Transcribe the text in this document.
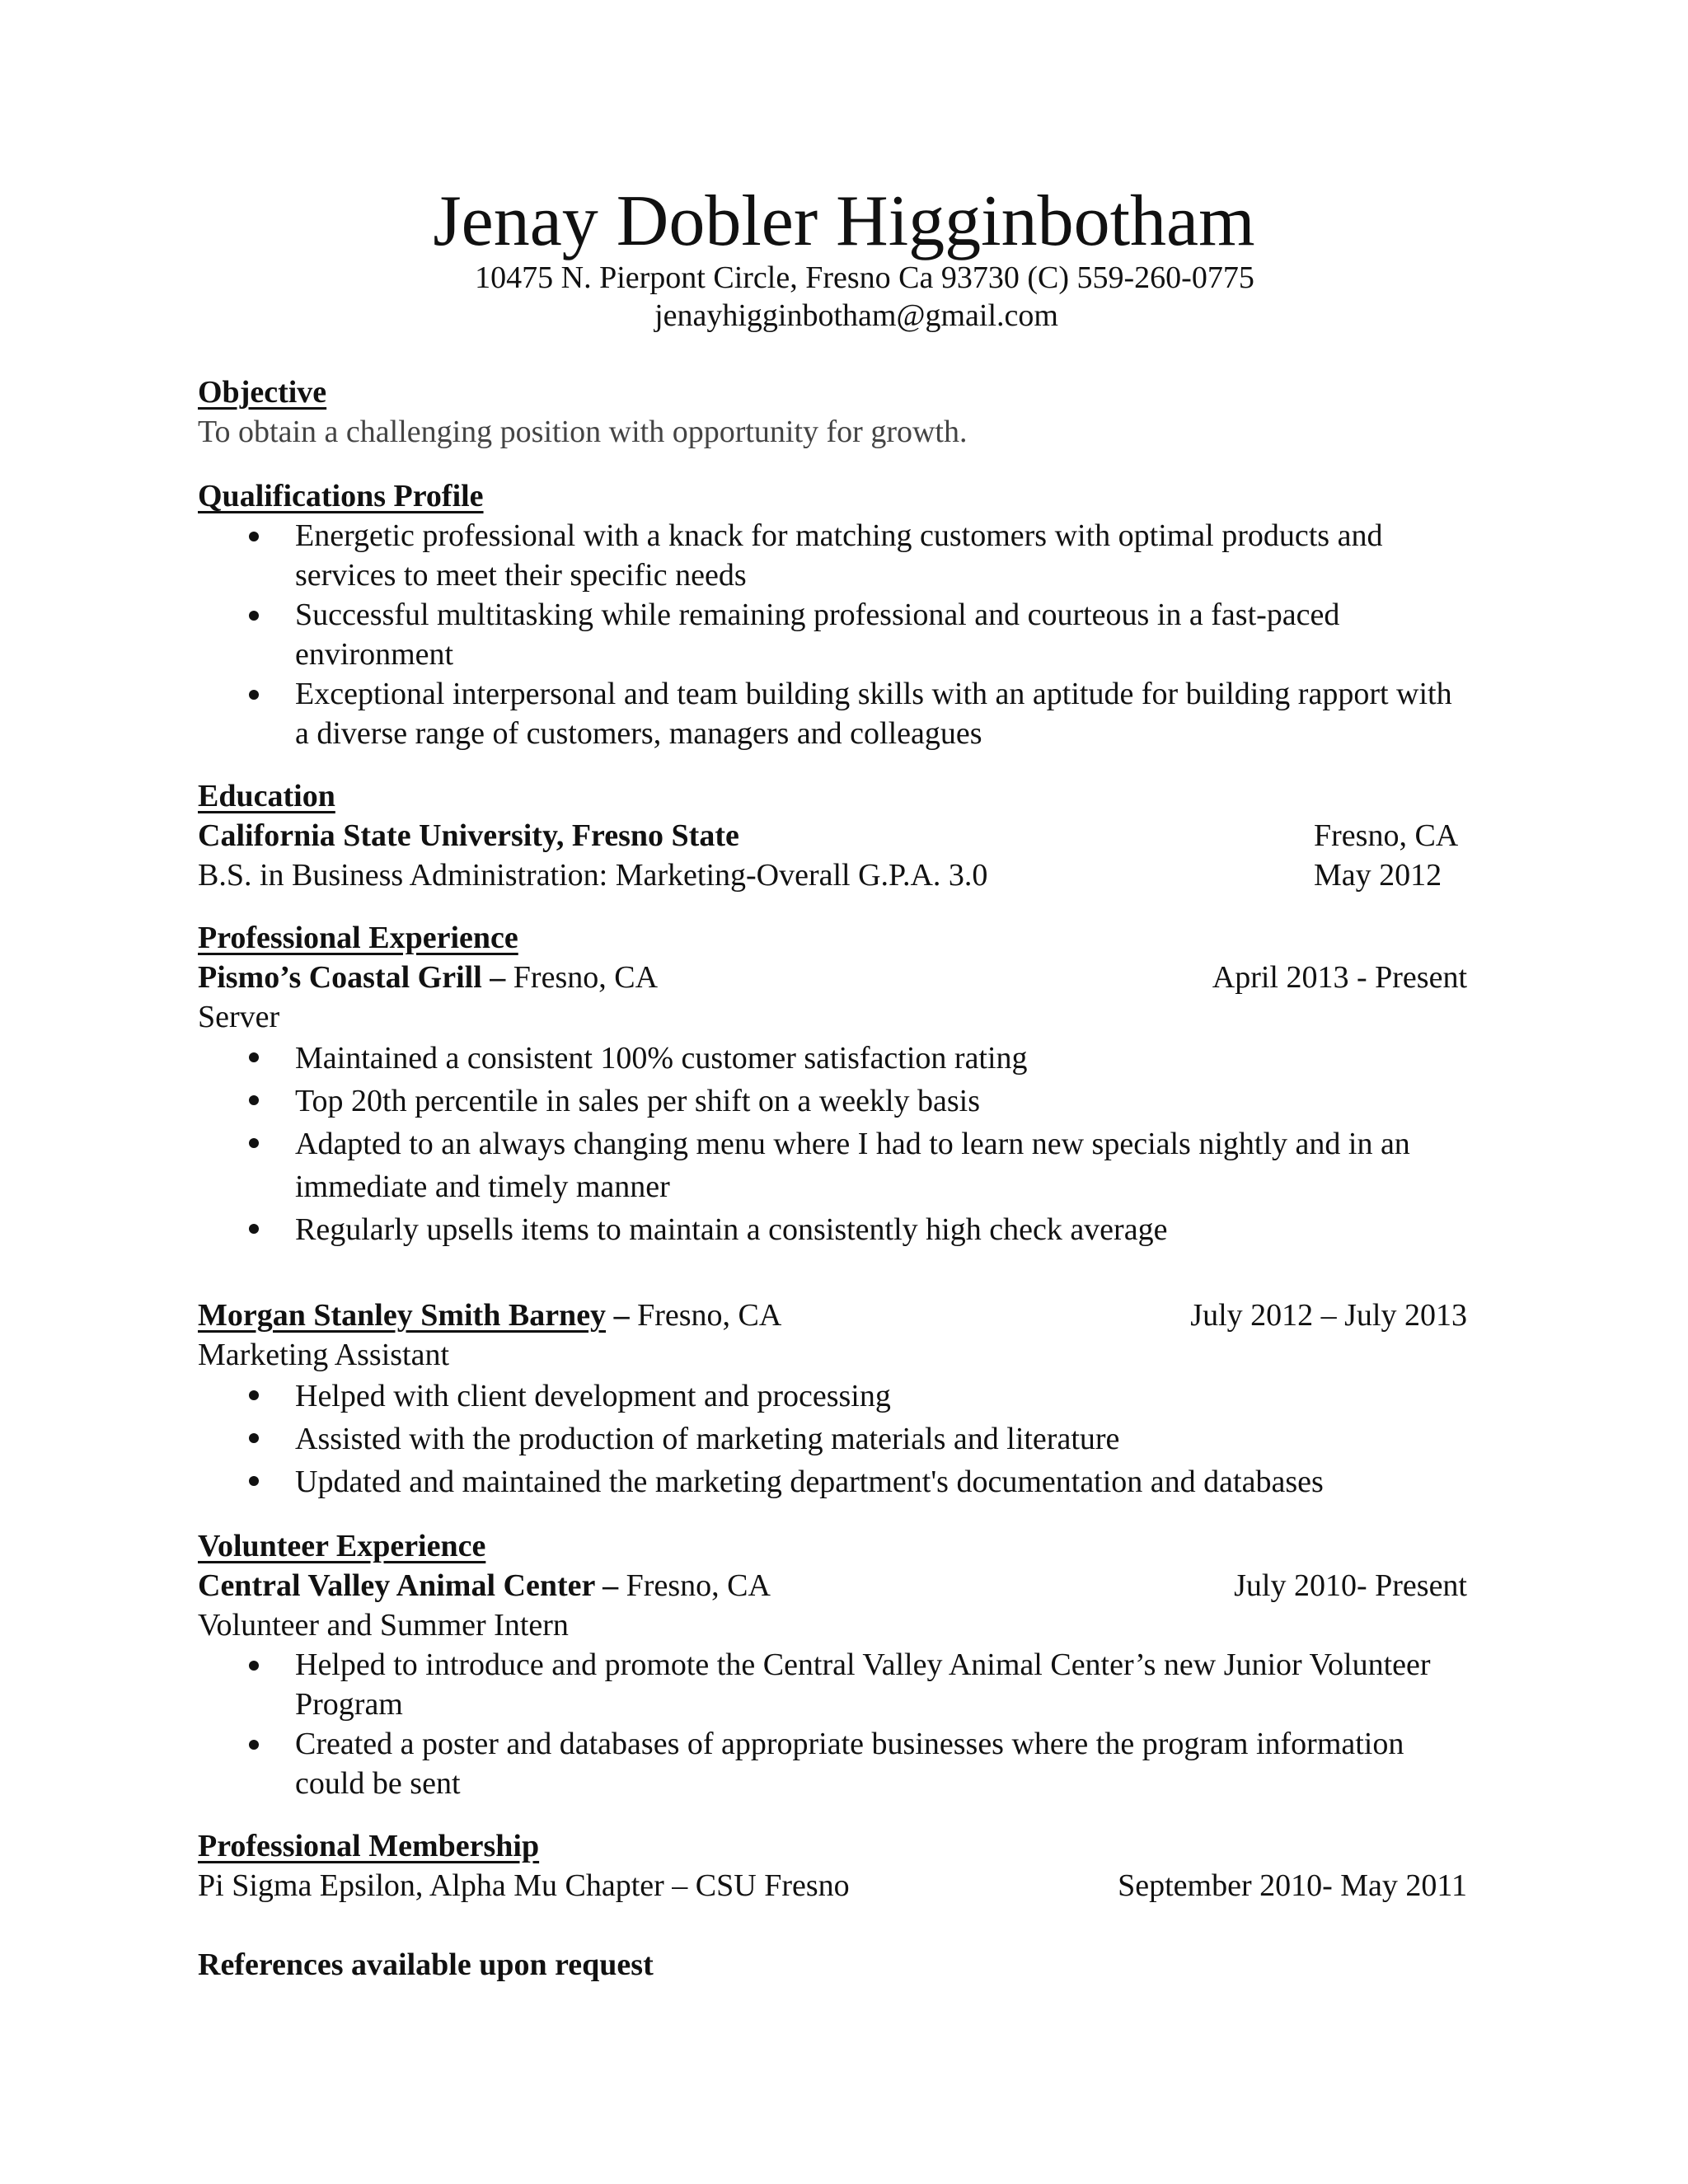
Jenay Dobler Higginbotham
10475 N. Pierpont Circle, Fresno Ca 93730 (C) 559-260-0775
jenayhigginbotham@gmail.com
Objective
To obtain a challenging position with opportunity for growth.
Qualifications Profile
Energetic professional with a knack for matching customers with optimal products and services to meet their specific needs
Successful multitasking while remaining professional and courteous in a fast-paced environment
Exceptional interpersonal and team building skills with an aptitude for building rapport with a diverse range of customers, managers and colleagues
Education
California State University, Fresno State	Fresno, CA
B.S. in Business Administration: Marketing-Overall G.P.A. 3.0	May 2012
Professional Experience
Pismo’s Coastal Grill – Fresno, CA	April 2013 - Present
Server
Maintained a consistent 100% customer satisfaction rating
Top 20th percentile in sales per shift on a weekly basis
Adapted to an always changing menu where I had to learn new specials nightly and in an immediate and timely manner
Regularly upsells items to maintain a consistently high check average
Morgan Stanley Smith Barney – Fresno, CA	July 2012 – July 2013
Marketing Assistant
Helped with client development and processing
Assisted with the production of marketing materials and literature
Updated and maintained the marketing department's documentation and databases
Volunteer Experience
Central Valley Animal Center – Fresno, CA	July 2010- Present
Volunteer and Summer Intern
Helped to introduce and promote the Central Valley Animal Center’s new Junior Volunteer Program
Created a poster and databases of appropriate businesses where the program information could be sent
Professional Membership
Pi Sigma Epsilon, Alpha Mu Chapter – CSU Fresno	September 2010- May 2011
References available upon request
